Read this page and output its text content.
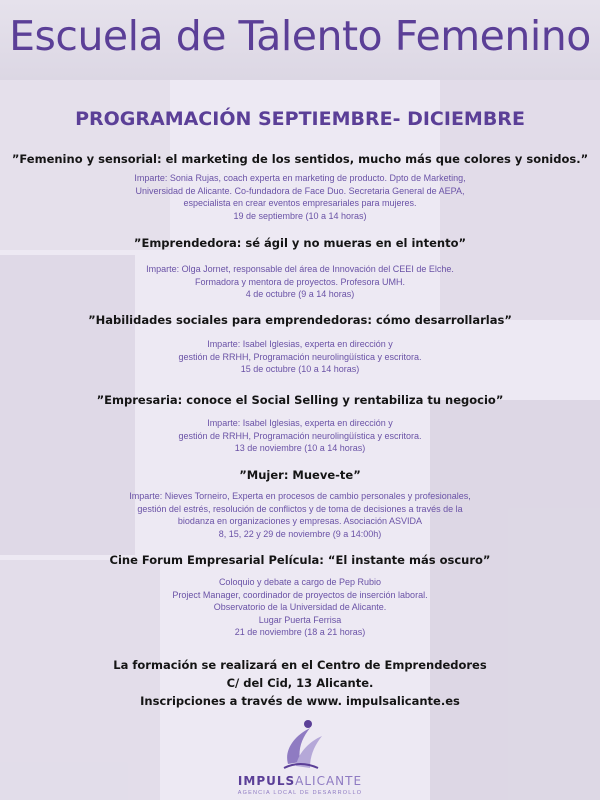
Escuela de Talento Femenino
PROGRAMACIÓN SEPTIEMBRE- DICIEMBRE
”Femenino y sensorial: el marketing de los sentidos, mucho más que colores y sonidos.”
Imparte: Sonia Rujas, coach experta en marketing de producto. Dpto de Marketing,
Universidad de Alicante. Co-fundadora de Face Duo. Secretaria General de AEPA,
especialista en crear eventos empresariales para mujeres.
19 de septiembre (10 a 14 horas)
”Emprendedora: sé ágil y no mueras en el intento”
Imparte: Olga Jornet, responsable del área de Innovación del CEEI de Elche.
Formadora y mentora de proyectos. Profesora UMH.
4 de octubre (9 a 14 horas)
”Habilidades sociales para emprendedoras: cómo desarrollarlas”
Imparte: Isabel Iglesias, experta en dirección y
gestión de RRHH, Programación neurolingüística y escritora.
15 de octubre (10 a 14 horas)
”Empresaria: conoce el Social Selling y rentabiliza tu negocio”
Imparte: Isabel Iglesias, experta en dirección y
gestión de RRHH, Programación neurolingüística y escritora.
13 de noviembre (10 a 14 horas)
”Mujer: Mueve-te”
Imparte: Nieves Torneiro, Experta en procesos de cambio personales y profesionales,
gestión del estrés, resolución de conflictos y de toma de decisiones a través de la
biodanza en organizaciones y empresas. Asociación ASVIDA
8, 15, 22 y 29 de noviembre (9 a 14:00h)
Cine Forum Empresarial Película: “El instante más oscuro”
Coloquio y debate a cargo de Pep Rubio
Project Manager, coordinador de proyectos de inserción laboral.
Observatorio de la Universidad de Alicante.
Lugar Puerta Ferrisa
21 de noviembre (18 a 21 horas)
La formación se realizará en el Centro de Emprendedores
C/ del Cid, 13 Alicante.
Inscripciones a través de www. impulsalicante.es
IMPULSALICANTE
AGENCIA LOCAL DE DESARROLLO
